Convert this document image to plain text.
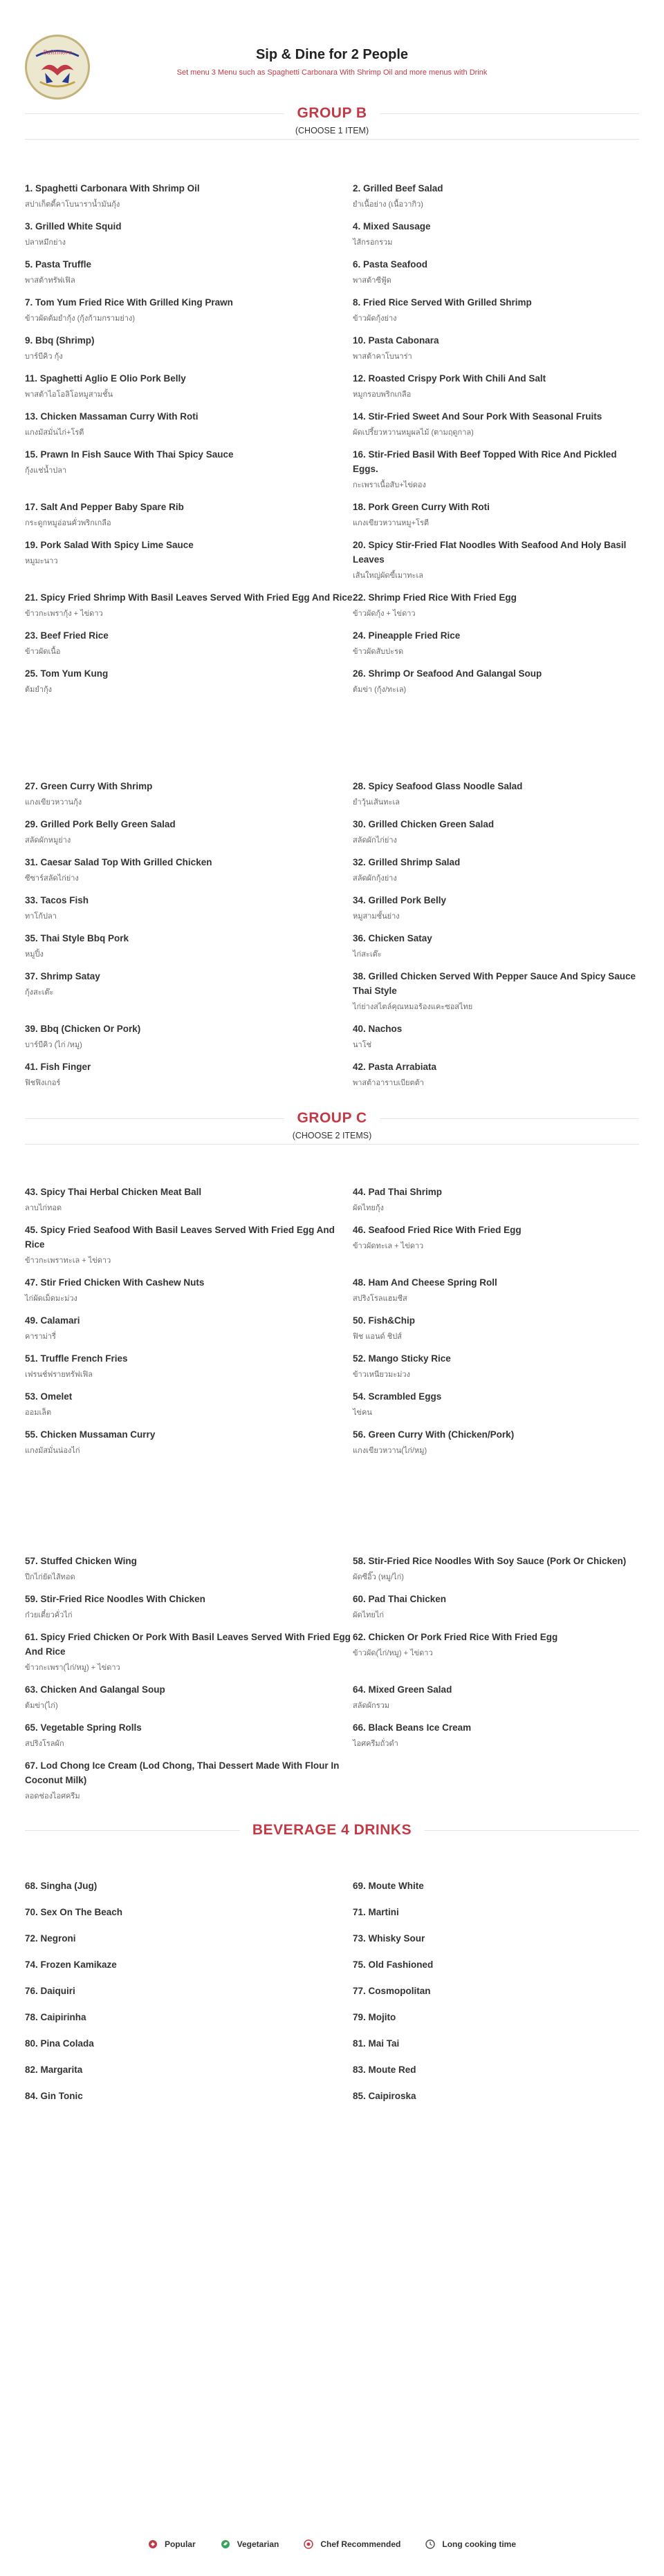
Baltimore	Sip & Dine for 2 People
Set menu 3 Menu such as Spaghetti Carbonara With Shrimp Oil and more menus with Drink
GROUP B
(CHOOSE 1 ITEM)
1. Spaghetti Carbonara With Shrimp Oil
สปาเก็ตตี้คาโบนาราน้ำมันกุ้ง
2. Grilled Beef Salad
ยำเนื้อย่าง (เนื้อวากิว)
3. Grilled White Squid
ปลาหมึกย่าง
4. Mixed Sausage
ไส้กรอกรวม
5. Pasta Truffle
พาสต้าทรัฟเฟิล
6. Pasta Seafood
พาสต้าซีฟู้ด
7. Tom Yum Fried Rice With Grilled King Prawn
ข้าวผัดต้มยำกุ้ง (กุ้งก้ามกรามย่าง)
8. Fried Rice Served With Grilled Shrimp
ข้าวผัดกุ้งย่าง
9. Bbq (Shrimp)
บาร์บีคิว กุ้ง
10. Pasta Cabonara
พาสต้าคาโบนาร่า
11. Spaghetti Aglio E Olio Pork Belly
พาสต้าไอโอลิโอหมูสามชั้น
12. Roasted Crispy Pork With Chili And Salt
หมูกรอบพริกเกลือ
13. Chicken Massaman Curry With Roti
แกงมัสมั่นไก่+โรตี
14. Stir-Fried Sweet And Sour Pork With Seasonal Fruits
ผัดเปรี้ยวหวานหมูผลไม้ (ตามฤดูกาล)
15. Prawn In Fish Sauce With Thai Spicy Sauce
กุ้งแช่น้ำปลา
16. Stir-Fried Basil With Beef Topped With Rice And Pickled Eggs.
กะเพราเนื้อสับ+ไข่ดอง
17. Salt And Pepper Baby Spare Rib
กระดูกหมูอ่อนคั่วพริกเกลือ
18. Pork Green Curry With Roti
แกงเขียวหวานหมู+โรตี
19. Pork Salad With Spicy Lime Sauce
หมูมะนาว
20. Spicy Stir-Fried Flat Noodles With Seafood And Holy Basil Leaves
เส้นใหญ่ผัดขี้เมาทะเล
21. Spicy Fried Shrimp With Basil Leaves Served With Fried Egg And Rice
ข้าวกะเพรากุ้ง + ไข่ดาว
22. Shrimp Fried Rice With Fried Egg
ข้าวผัดกุ้ง + ไข่ดาว
23. Beef Fried Rice
ข้าวผัดเนื้อ
24. Pineapple Fried Rice
ข้าวผัดสับปะรด
25. Tom Yum Kung
ต้มยำกุ้ง
26. Shrimp Or Seafood And Galangal Soup
ต้มข่า (กุ้ง/ทะเล)
27. Green Curry With Shrimp
แกงเขียวหวานกุ้ง
28. Spicy Seafood Glass Noodle Salad
ยำวุ้นเส้นทะเล
29. Grilled Pork Belly Green Salad
สลัดผักหมูย่าง
30. Grilled Chicken Green Salad
สลัดผักไก่ย่าง
31. Caesar Salad Top With Grilled Chicken
ซีซาร์สลัดไก่ย่าง
32. Grilled Shrimp Salad
สลัดผักกุ้งย่าง
33. Tacos Fish
ทาโก้ปลา
34. Grilled Pork Belly
หมูสามชั้นย่าง
35. Thai Style Bbq Pork
หมูปิ้ง
36. Chicken Satay
ไก่สะเต๊ะ
37. Shrimp Satay
กุ้งสะเต๊ะ
38. Grilled Chicken Served With Pepper Sauce And Spicy Sauce Thai Style
ไก่ย่างสไตล์คุณหมอร้องแคะซอสไทย
39. Bbq (Chicken Or Pork)
บาร์บีคิว (ไก่ /หมู)
40. Nachos
นาโช่
41. Fish Finger
ฟิชฟิงเกอร์
42. Pasta Arrabiata
พาสต้าอาราบเบียตต้า
GROUP C
(CHOOSE 2 ITEMS)
43. Spicy Thai Herbal Chicken Meat Ball
ลาบไก่ทอด
44. Pad Thai Shrimp
ผัดไทยกุ้ง
45. Spicy Fried Seafood With Basil Leaves Served With Fried Egg And Rice
ข้าวกะเพราทะเล + ไข่ดาว
46. Seafood Fried Rice With Fried Egg
ข้าวผัดทะเล + ไข่ดาว
47. Stir Fried Chicken With Cashew Nuts
ไก่ผัดเม็ดมะม่วง
48. Ham And Cheese Spring Roll
สปริงโรลแฮมชีส
49. Calamari
คาราม่ารี่
50. Fish&Chip
ฟิช แอนด์ ชิปส์
51. Truffle French Fries
เฟรนช์ฟรายทรัฟเฟิล
52. Mango Sticky Rice
ข้าวเหนียวมะม่วง
53. Omelet
ออมเล็ต
54. Scrambled Eggs
ไข่คน
55. Chicken Mussaman Curry
แกงมัสมั่นน่องไก่
56. Green Curry With (Chicken/Pork)
แกงเขียวหวาน(ไก่/หมู)
57. Stuffed Chicken Wing
ปีกไก่ยัดไส้ทอด
58. Stir-Fried Rice Noodles With Soy Sauce (Pork Or Chicken)
ผัดซีอิ๊ว (หมู/ไก่)
59. Stir-Fried Rice Noodles With Chicken
ก๋วยเตี๋ยวคั่วไก่
60. Pad Thai Chicken
ผัดไทยไก่
61. Spicy Fried Chicken Or Pork With Basil Leaves Served With Fried Egg And Rice
ข้าวกะเพรา(ไก่/หมู) + ไข่ดาว
62. Chicken Or Pork Fried Rice With Fried Egg
ข้าวผัด(ไก่/หมู) + ไข่ดาว
63. Chicken And Galangal Soup
ต้มข่า(ไก่)
64. Mixed Green Salad
สลัดผักรวม
65. Vegetable Spring Rolls
สปริงโรลผัก
66. Black Beans Ice Cream
ไอศครีมถั่วดำ
67. Lod Chong Ice Cream (Lod Chong, Thai Dessert Made With Flour In Coconut Milk)
ลอดช่องไอศครีม
BEVERAGE 4 DRINKS
68. Singha (Jug)	69. Moute White
70. Sex On The Beach	71. Martini
72. Negroni	73. Whisky Sour
74. Frozen Kamikaze	75. Old Fashioned
76. Daiquiri	77. Cosmopolitan
78. Caipirinha	79. Mojito
80. Pina Colada	81. Mai Tai
82. Margarita	83. Moute Red
84. Gin Tonic	85. Caipiroska
Popular	Vegetarian	Chef Recommended	Long cooking time
